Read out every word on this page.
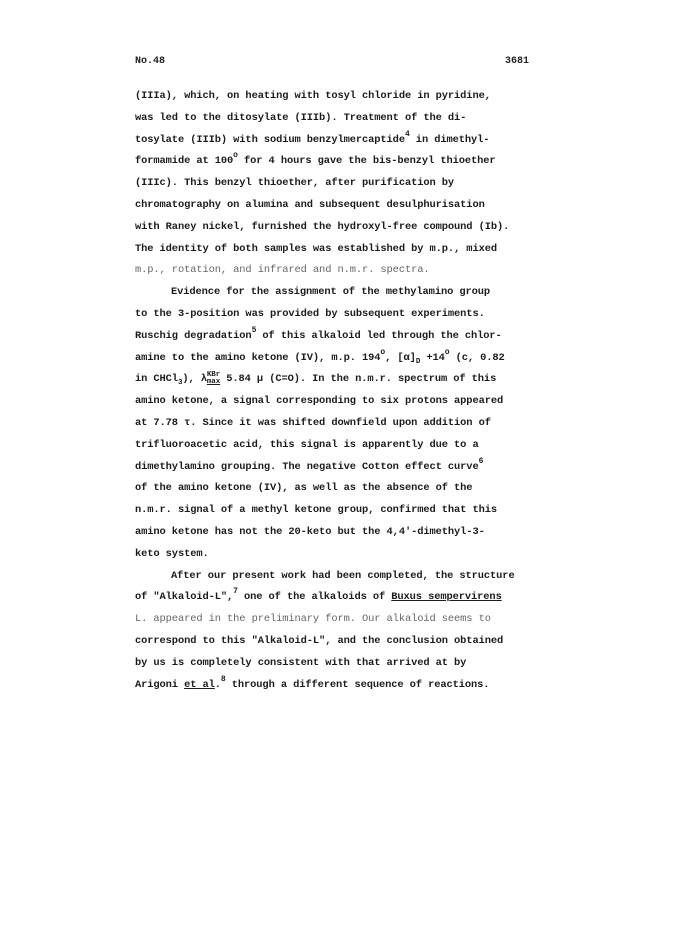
No.48	3681
(IIIa), which, on heating with tosyl chloride in pyridine,
was led to the ditosylate (IIIb). Treatment of the di-
tosylate (IIIb) with sodium benzylmercaptide$^4$ in dimethyl-
formamide at 100$^o$ for 4 hours gave the bis-benzyl thioether
(IIIc). This benzyl thioether, after purification by
chromatography on alumina and subsequent desulphurisation
with Raney nickel, furnished the hydroxyl-free compound (Ib).
The identity of both samples was established by m.p., mixed
m.p., rotation, and infrared and n.m.r. spectra.
Evidence for the assignment of the methylamino group
to the 3-position was provided by subsequent experiments.
Ruschig degradation$^5$ of this alkaloid led through the chlor-
amine to the amino ketone (IV), m.p. 194$^o$, $[\alpha]_D +14^o$ (c, 0.82
in CHCl$_3$), λ KBr
max 5.84 μ (C=O). In the n.m.r. spectrum of this
amino ketone, a signal corresponding to six protons appeared
at 7.78 τ. Since it was shifted downfield upon addition of
trifluoroacetic acid, this signal is apparently due to a
dimethylamino grouping. The negative Cotton effect curve$^6$
of the amino ketone (IV), as well as the absence of the
n.m.r. signal of a methyl ketone group, confirmed that this
amino ketone has not the 20-keto but the 4,4'-dimethyl-3-
keto system.
After our present work had been completed, the structure
of "Alkaloid-L",$^7$ one of the alkaloids of Buxus sempervirens
L. appeared in the preliminary form. Our alkaloid seems to
correspond to this "Alkaloid-L", and the conclusion obtained
by us is completely consistent with that arrived at by
Arigoni et al.$^8$ through a different sequence of reactions.
